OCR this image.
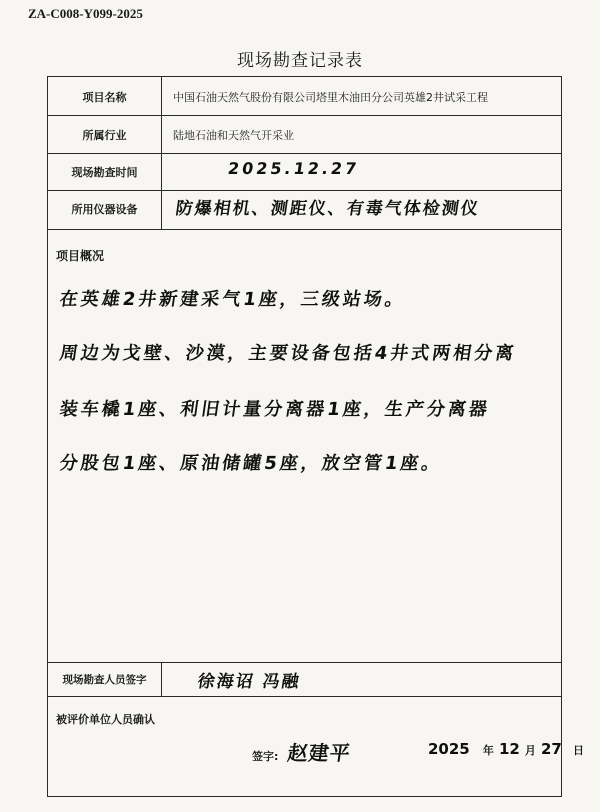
ZA-C008-Y099-2025
现场勘查记录表
项目名称	中国石油天然气股份有限公司塔里木油田分公司英雄2井试采工程
所属行业	陆地石油和天然气开采业
现场勘查时间	2025.12.27
所用仪器设备	防爆相机、测距仪、有毒气体检测仪
项目概况
在英雄2井新建采气1座，三级站场。
周边为戈壁、沙漠，主要设备包括4井式两相分离
装车橇1座、利旧计量分离器1座，生产分离器
分股包1座、原油储罐5座，放空管1座。
现场勘查人员签字	徐海诏 冯融
被评价单位人员确认
签字: 赵建平	2025 年 12 月 27 日
